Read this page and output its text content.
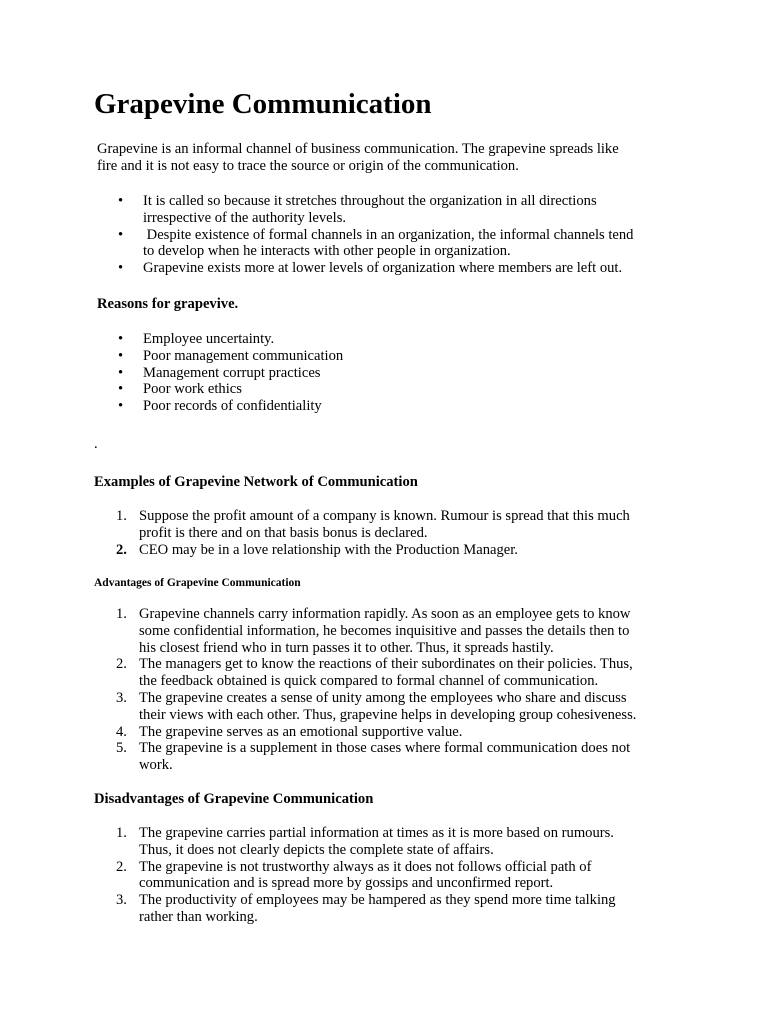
Grapevine Communication

Grapevine is an informal channel of business communication. The grapevine spreads like
fire and it is not easy to trace the source or origin of the communication.

• It is called so because it stretches throughout the organization in all directions
irrespective of the authority levels.
• Despite existence of formal channels in an organization, the informal channels tend
to develop when he interacts with other people in organization.
• Grapevine exists more at lower levels of organization where members are left out.

Reasons for grapevive.

• Employee uncertainty.
• Poor management communication
• Management corrupt practices
• Poor work ethics
• Poor records of confidentiality
.

Examples of Grapevine Network of Communication

1. Suppose the profit amount of a company is known. Rumour is spread that this much
profit is there and on that basis bonus is declared.
2. CEO may be in a love relationship with the Production Manager.

Advantages of Grapevine Communication

1. Grapevine channels carry information rapidly. As soon as an employee gets to know
some confidential information, he becomes inquisitive and passes the details then to
his closest friend who in turn passes it to other. Thus, it spreads hastily.
2. The managers get to know the reactions of their subordinates on their policies. Thus,
the feedback obtained is quick compared to formal channel of communication.
3. The grapevine creates a sense of unity among the employees who share and discuss
their views with each other. Thus, grapevine helps in developing group cohesiveness.
4. The grapevine serves as an emotional supportive value.
5. The grapevine is a supplement in those cases where formal communication does not
work.

Disadvantages of Grapevine Communication

1. The grapevine carries partial information at times as it is more based on rumours.
Thus, it does not clearly depicts the complete state of affairs.
2. The grapevine is not trustworthy always as it does not follows official path of
communication and is spread more by gossips and unconfirmed report.
3. The productivity of employees may be hampered as they spend more time talking
rather than working.
